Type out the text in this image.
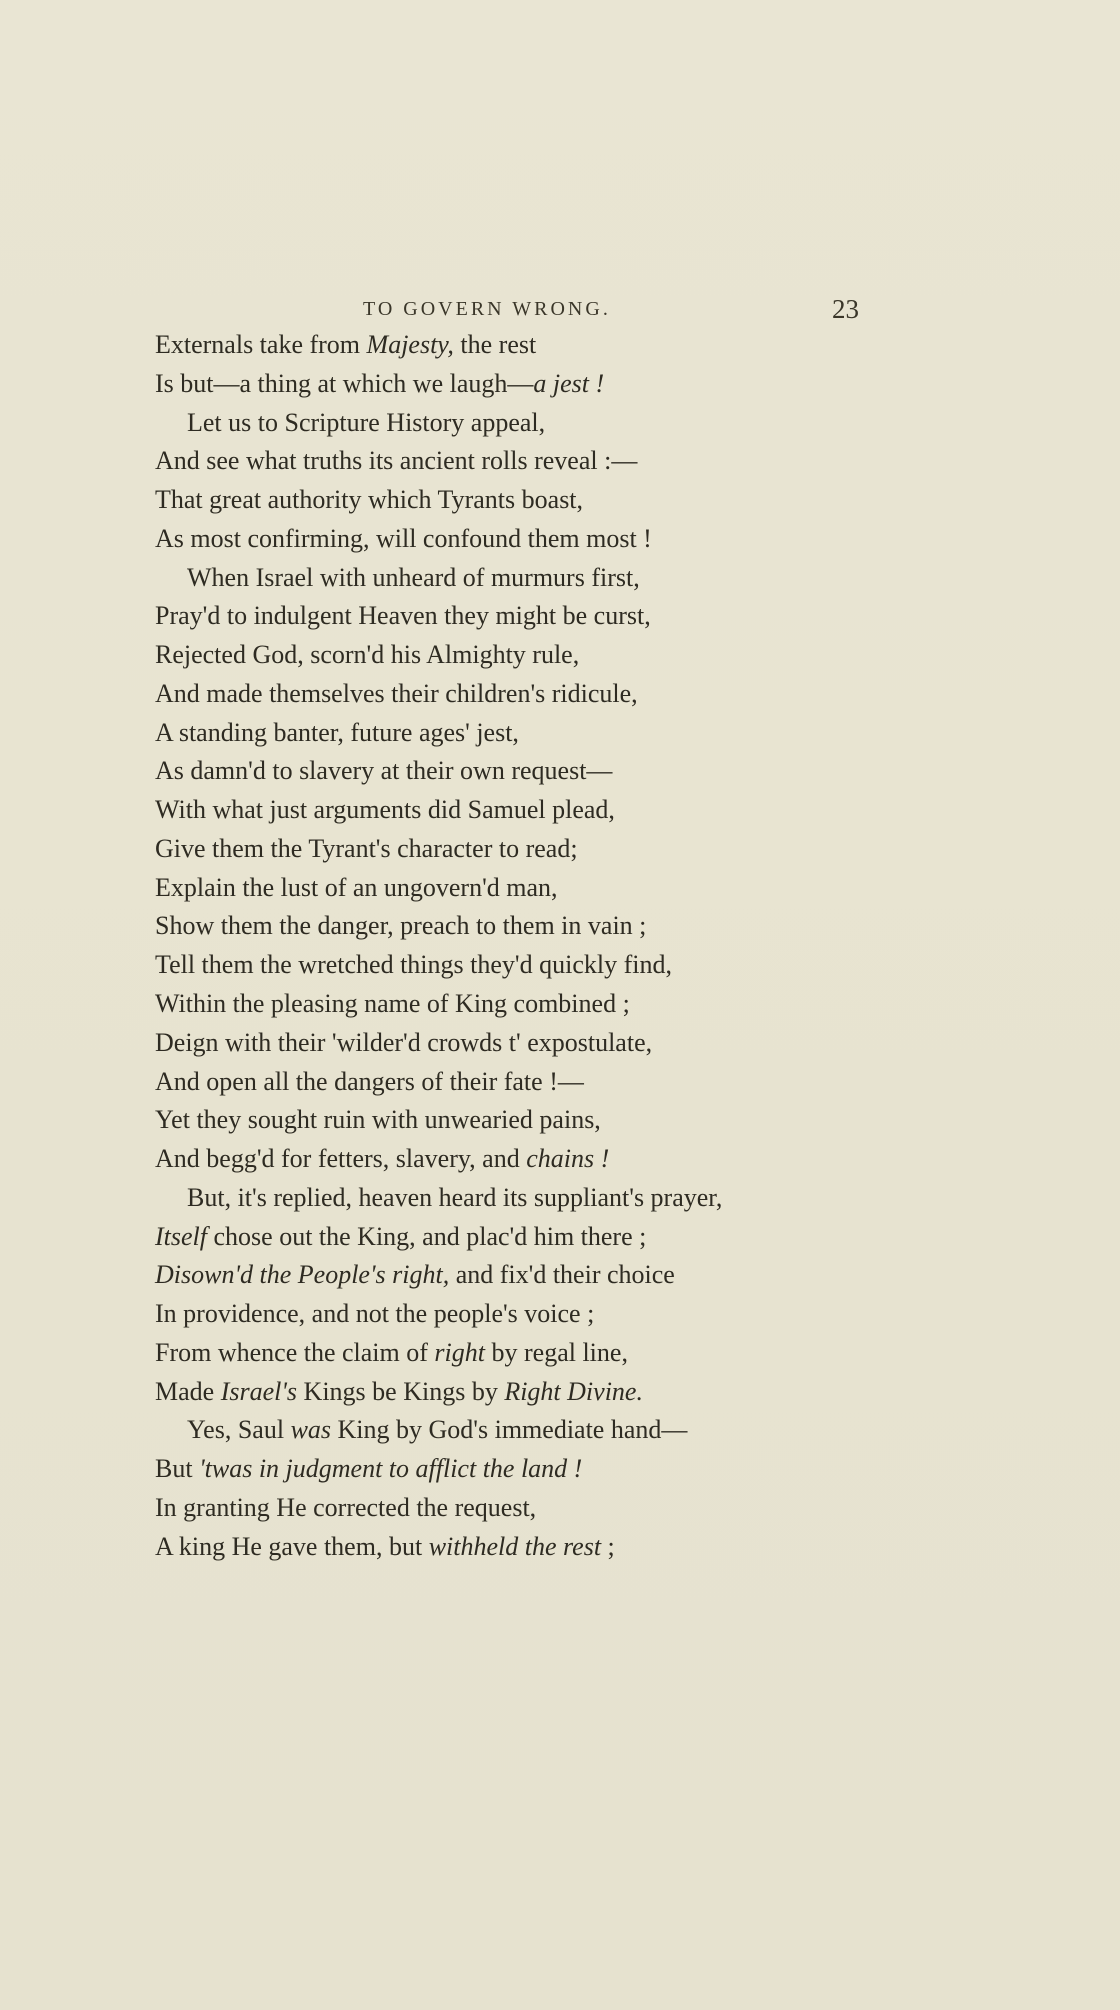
TO GOVERN WRONG.	23
Externals take from Majesty, the rest
Is but—a thing at which we laugh—a jest !
Let us to Scripture History appeal,
And see what truths its ancient rolls reveal :—
That great authority which Tyrants boast,
As most confirming, will confound them most !
When Israel with unheard of murmurs first,
Pray'd to indulgent Heaven they might be curst,
Rejected God, scorn'd his Almighty rule,
And made themselves their children's ridicule,
A standing banter, future ages' jest,
As damn'd to slavery at their own request—
With what just arguments did Samuel plead,
Give them the Tyrant's character to read;
Explain the lust of an ungovern'd man,
Show them the danger, preach to them in vain ;
Tell them the wretched things they'd quickly find,
Within the pleasing name of King combined ;
Deign with their 'wilder'd crowds t' expostulate,
And open all the dangers of their fate !—
Yet they sought ruin with unwearied pains,
And begg'd for fetters, slavery, and chains !
But, it's replied, heaven heard its suppliant's prayer,
Itself chose out the King, and plac'd him there ;
Disown'd the People's right, and fix'd their choice
In providence, and not the people's voice ;
From whence the claim of right by regal line,
Made Israel's Kings be Kings by Right Divine.
Yes, Saul was King by God's immediate hand—
But 'twas in judgment to afflict the land !
In granting He corrected the request,
A king He gave them, but withheld the rest ;
